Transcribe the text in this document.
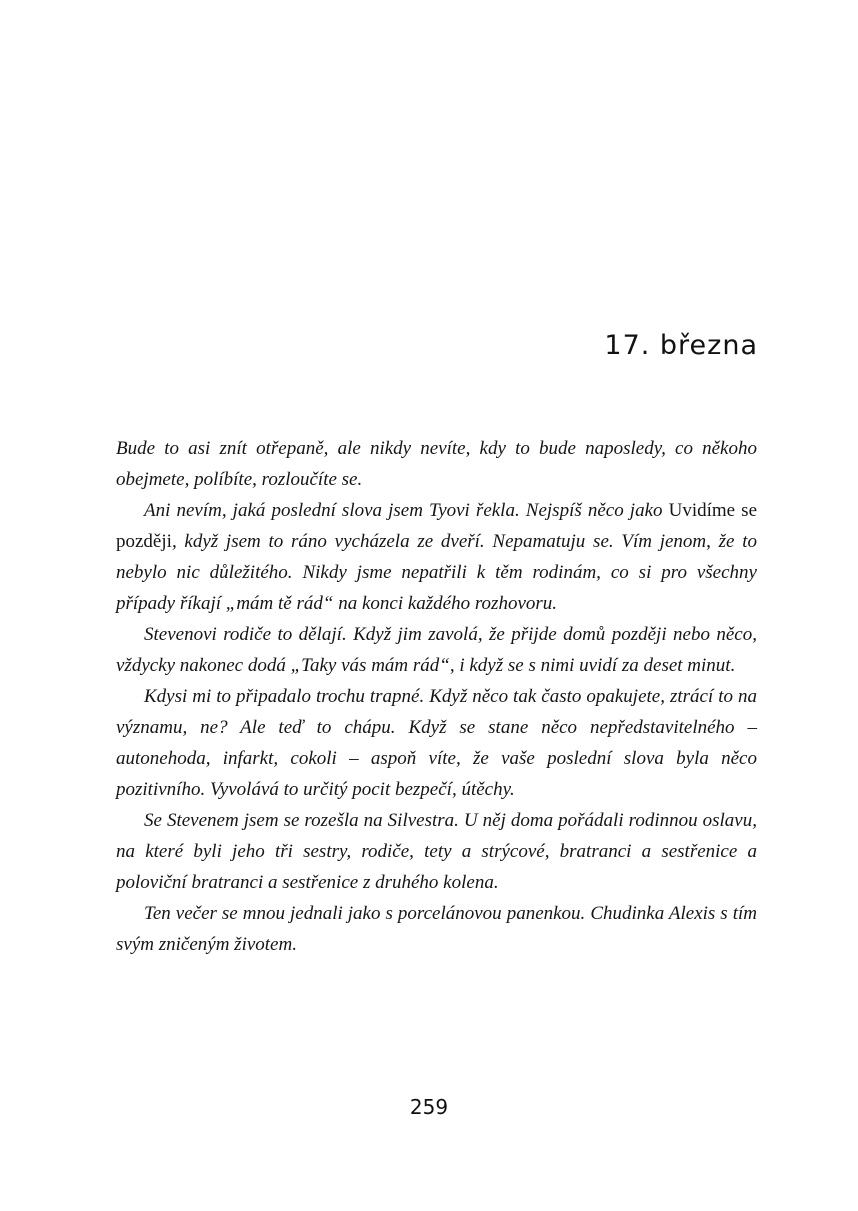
17. března

Bude to asi znít otřepaně, ale nikdy nevíte, kdy to bude naposledy, co někoho obejmete, políbíte, rozloučíte se.

Ani nevím, jaká poslední slova jsem Tyovi řekla. Nejspíš něco jako Uvidíme se později, když jsem to ráno vycházela ze dveří. Nepamatuju se. Vím jenom, že to nebylo nic důležitého. Nikdy jsme nepatřili k těm rodinám, co si pro všechny případy říkají „mám tě rád“ na konci každého rozhovoru.

Stevenovi rodiče to dělají. Když jim zavolá, že přijde domů později nebo něco, vždycky nakonec dodá „Taky vás mám rád“, i když se s nimi uvidí za deset minut.

Kdysi mi to připadalo trochu trapné. Když něco tak často opakujete, ztrácí to na významu, ne? Ale teď to chápu. Když se stane něco nepředstavitelného – autonehoda, infarkt, cokoli – aspoň víte, že vaše poslední slova byla něco pozitivního. Vyvolává to určitý pocit bezpečí, útěchy.

Se Stevenem jsem se rozešla na Silvestra. U něj doma pořádali rodinnou oslavu, na které byli jeho tři sestry, rodiče, tety a strýcové, bratranci a sestřenice a poloviční bratranci a sestřenice z druhého kolena.

Ten večer se mnou jednali jako s porcelánovou panenkou. Chudinka Alexis s tím svým zničeným životem.

259
